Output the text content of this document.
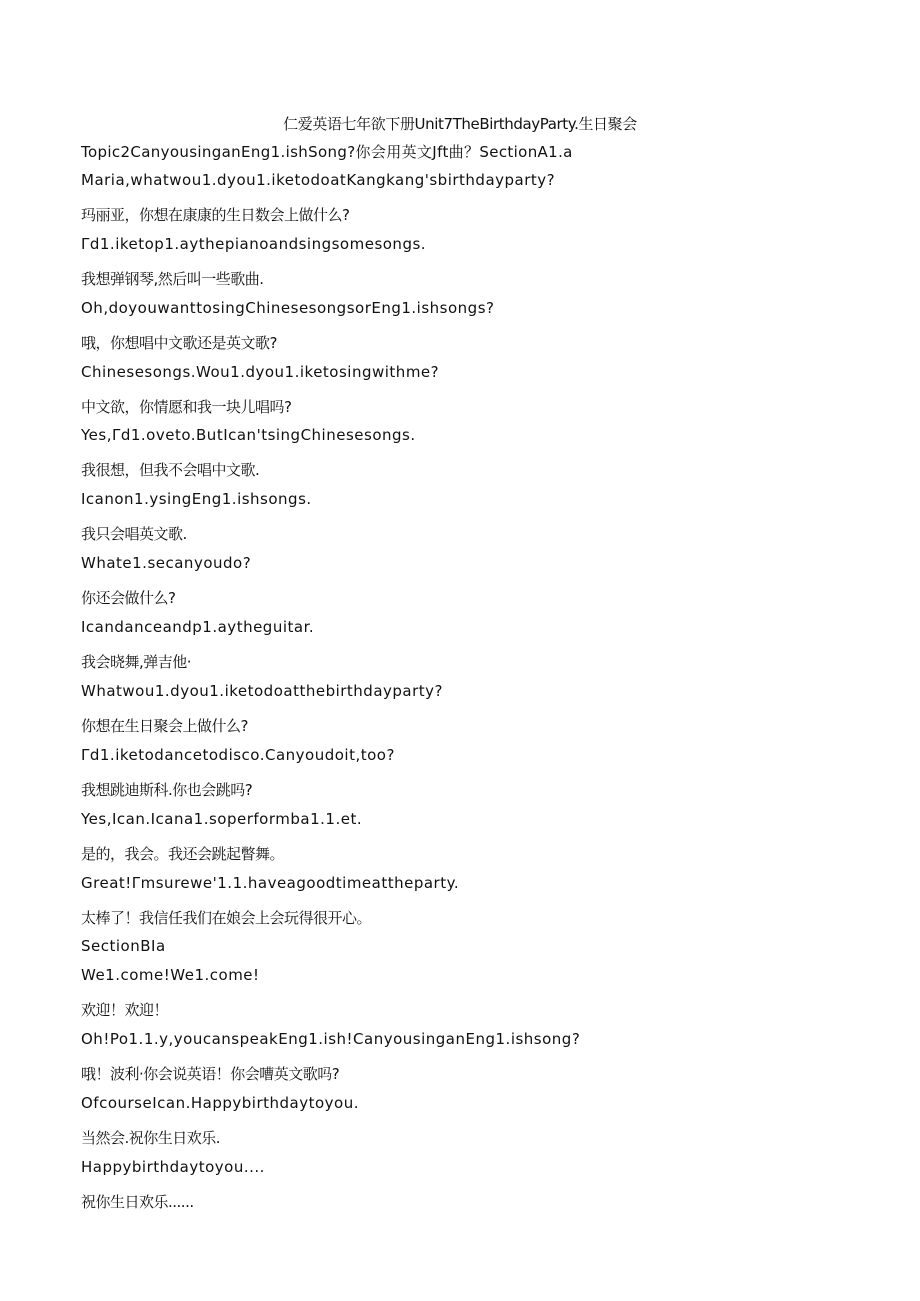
仁爱英语七年欲下册Unit7TheBirthdayParty.生日聚会
Topic2CanyousinganEng1.ishSong?你会用英文Jft曲？SectionA1.a
Maria,whatwou1.dyou1.iketodoatKangkang'sbirthdayparty?
玛丽亚，你想在康康的生日数会上做什么?
Γd1.iketop1.aythepianoandsingsomesongs.
我想弹钢琴,然后叫一些歌曲.
Oh,doyouwanttosingChinesesongsorEng1.ishsongs?
哦，你想唱中文歌还是英文歌?
Chinesesongs.Wou1.dyou1.iketosingwithme?
中文欲，你情愿和我一块儿唱吗?
Yes,Γd1.oveto.ButIcan'tsingChinesesongs.
我很想，但我不会唱中文歌.
Icanon1.ysingEng1.ishsongs.
我只会唱英文歌.
Whate1.secanyoudo?
你还会做什么?
Icandanceandp1.aytheguitar.
我会晓舞,弹吉他·
Whatwou1.dyou1.iketodoatthebirthdayparty?
你想在生日聚会上做什么?
Γd1.iketodancetodisco.Canyoudoit,too?
我想跳迪斯科.你也会跳吗?
Yes,Ican.Icana1.soperformba1.1.et.
是的，我会。我还会跳起瞥舞。
Great!Γmsurewe'1.1.haveagoodtimeattheparty.
太棒了！我信任我们在娘会上会玩得很开心。
SectionBIa
We1.come!We1.come!
欢迎！欢迎！
Oh!Po1.1.y,youcanspeakEng1.ish!CanyousinganEng1.ishsong?
哦！波利·你会说英语！你会嘈英文歌吗?
OfcourseIcan.Happybirthdaytoyou.
当然会.祝你生日欢乐.
Happybirthdaytoyou....
祝你生日欢乐......
